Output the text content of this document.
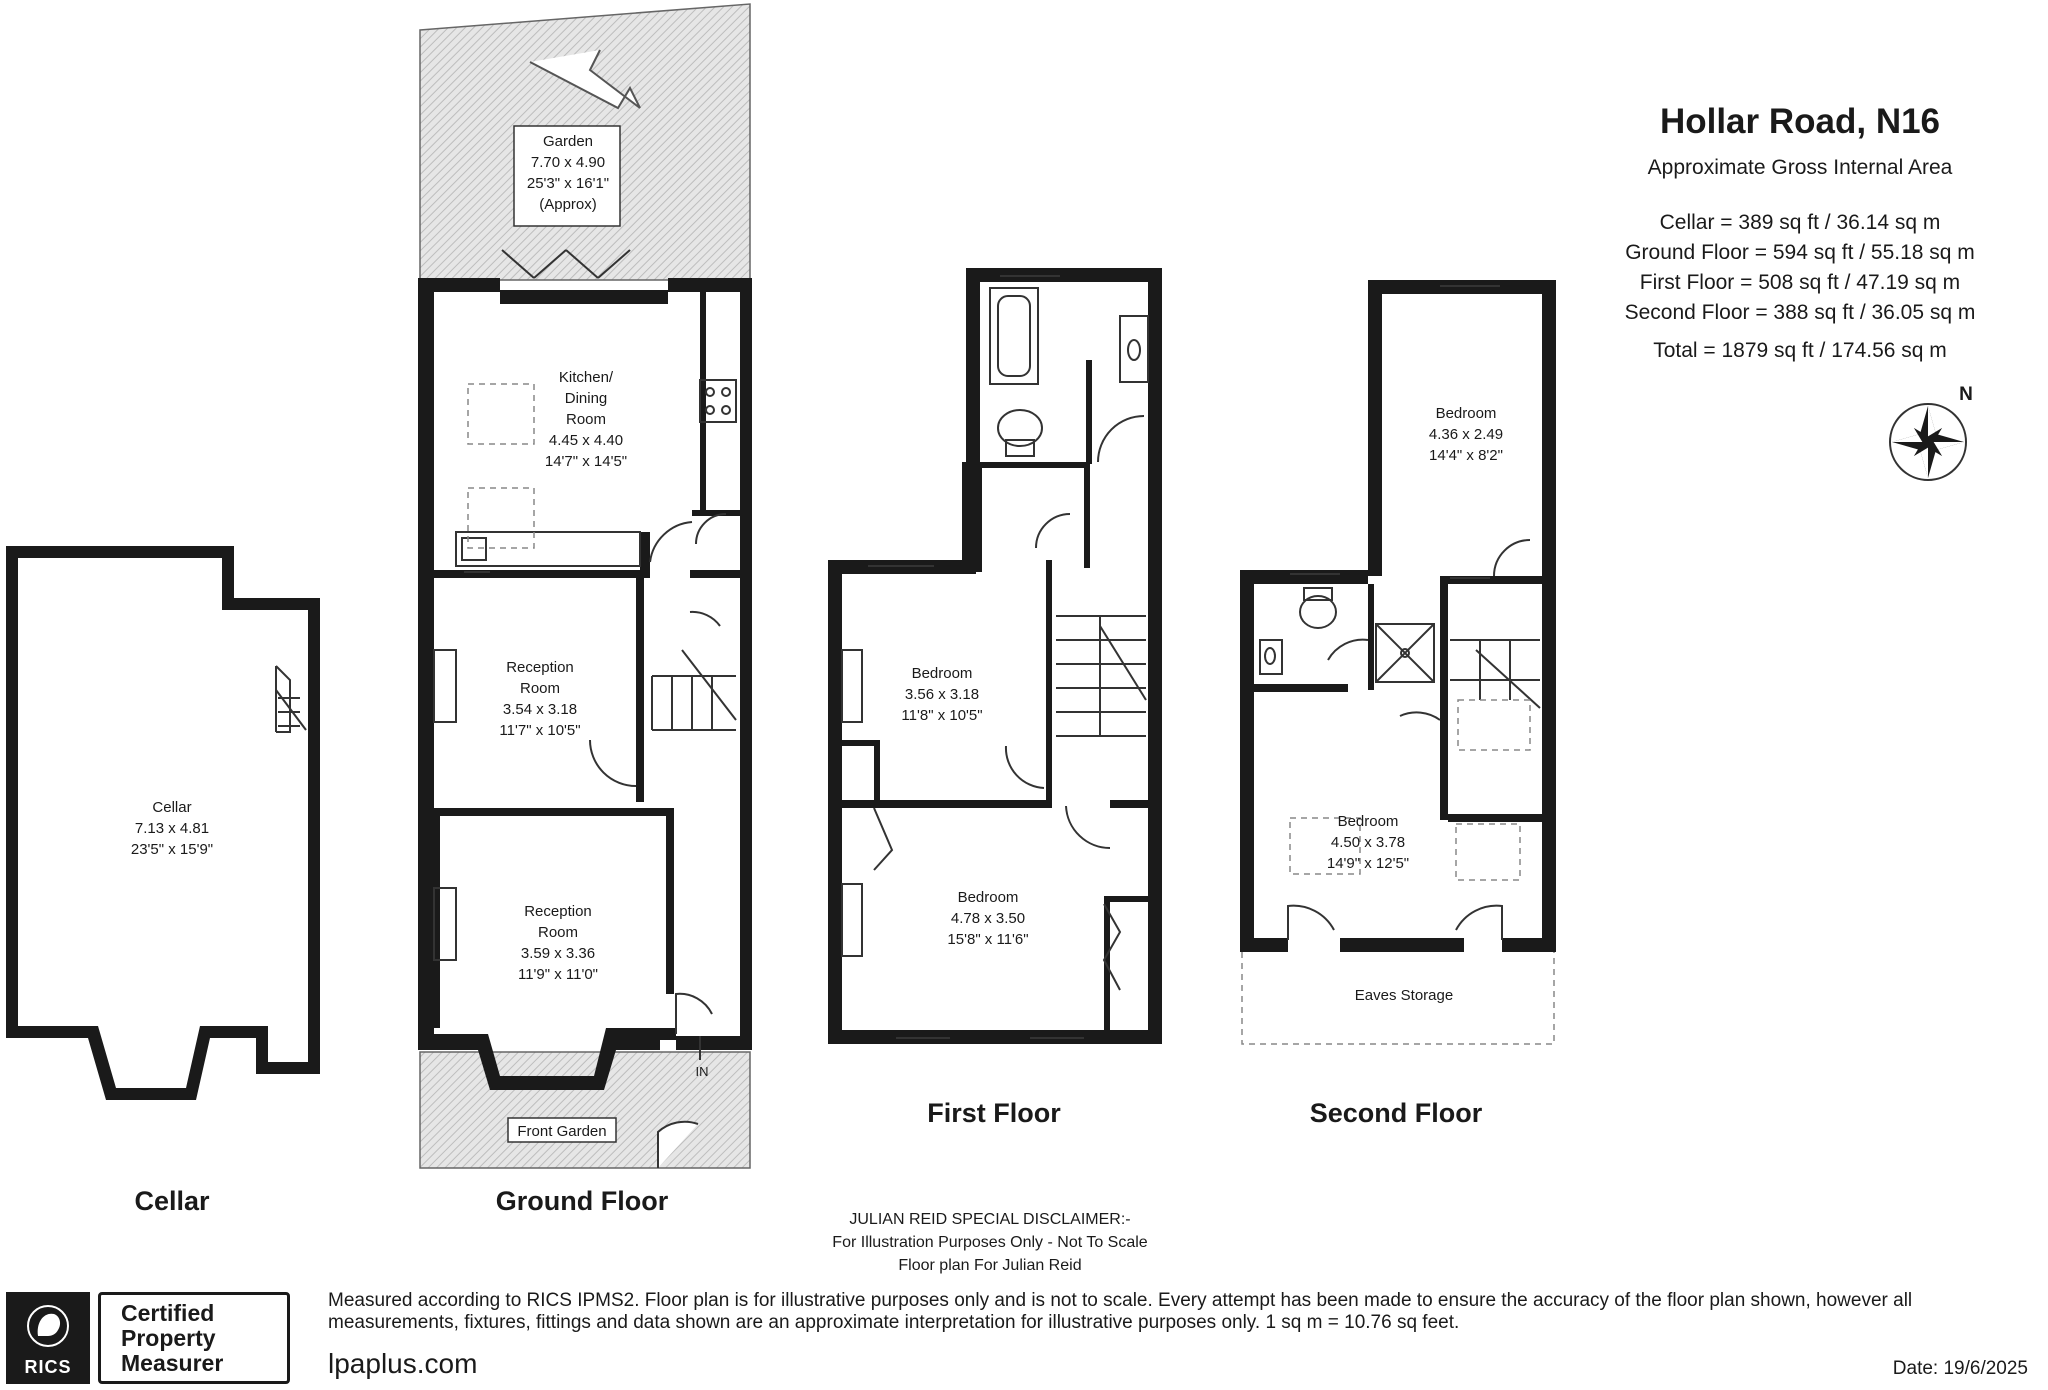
Garden 7.70 x 4.90 25'3" x 16'1" (Approx)
Kitchen/ Dining Room 4.45 x 4.40 14'7" x 14'5"
Reception Room 3.54 x 3.18 11'7" x 10'5"
Reception Room 3.59 x 3.36 11'9" x 11'0"
Cellar 7.13 x 4.81 23'5" x 15'9"
Bedroom 3.56 x 3.18 11'8" x 10'5"
Bedroom 4.78 x 3.50 15'8" x 11'6"
Bedroom 4.36 x 2.49 14'4" x 8'2"
Bedroom 4.50 x 3.78 14'9" x 12'5"
Eaves Storage
Front Garden
IN
N
Cellar	Ground Floor
First Floor	Second Floor
Hollar Road, N16
Approximate Gross Internal Area
Cellar = 389 sq ft / 36.14 sq m
Ground Floor = 594 sq ft / 55.18 sq m
First Floor = 508 sq ft / 47.19 sq m
Second Floor = 388 sq ft / 36.05 sq m
Total = 1879 sq ft / 174.56 sq m
JULIAN REID SPECIAL DISCLAIMER:-
For Illustration Purposes Only - Not To Scale
Floor plan For Julian Reid
RICS
Certified
Property
Measurer
Measured according to RICS IPMS2. Floor plan is for illustrative purposes only and is not to scale. Every attempt has been made to ensure the accuracy of the floor plan shown, however all measurements, fixtures, fittings and data shown are an approximate interpretation for illustrative purposes only. 1 sq m = 10.76 sq feet.
lpaplus.com	Date: 19/6/2025
